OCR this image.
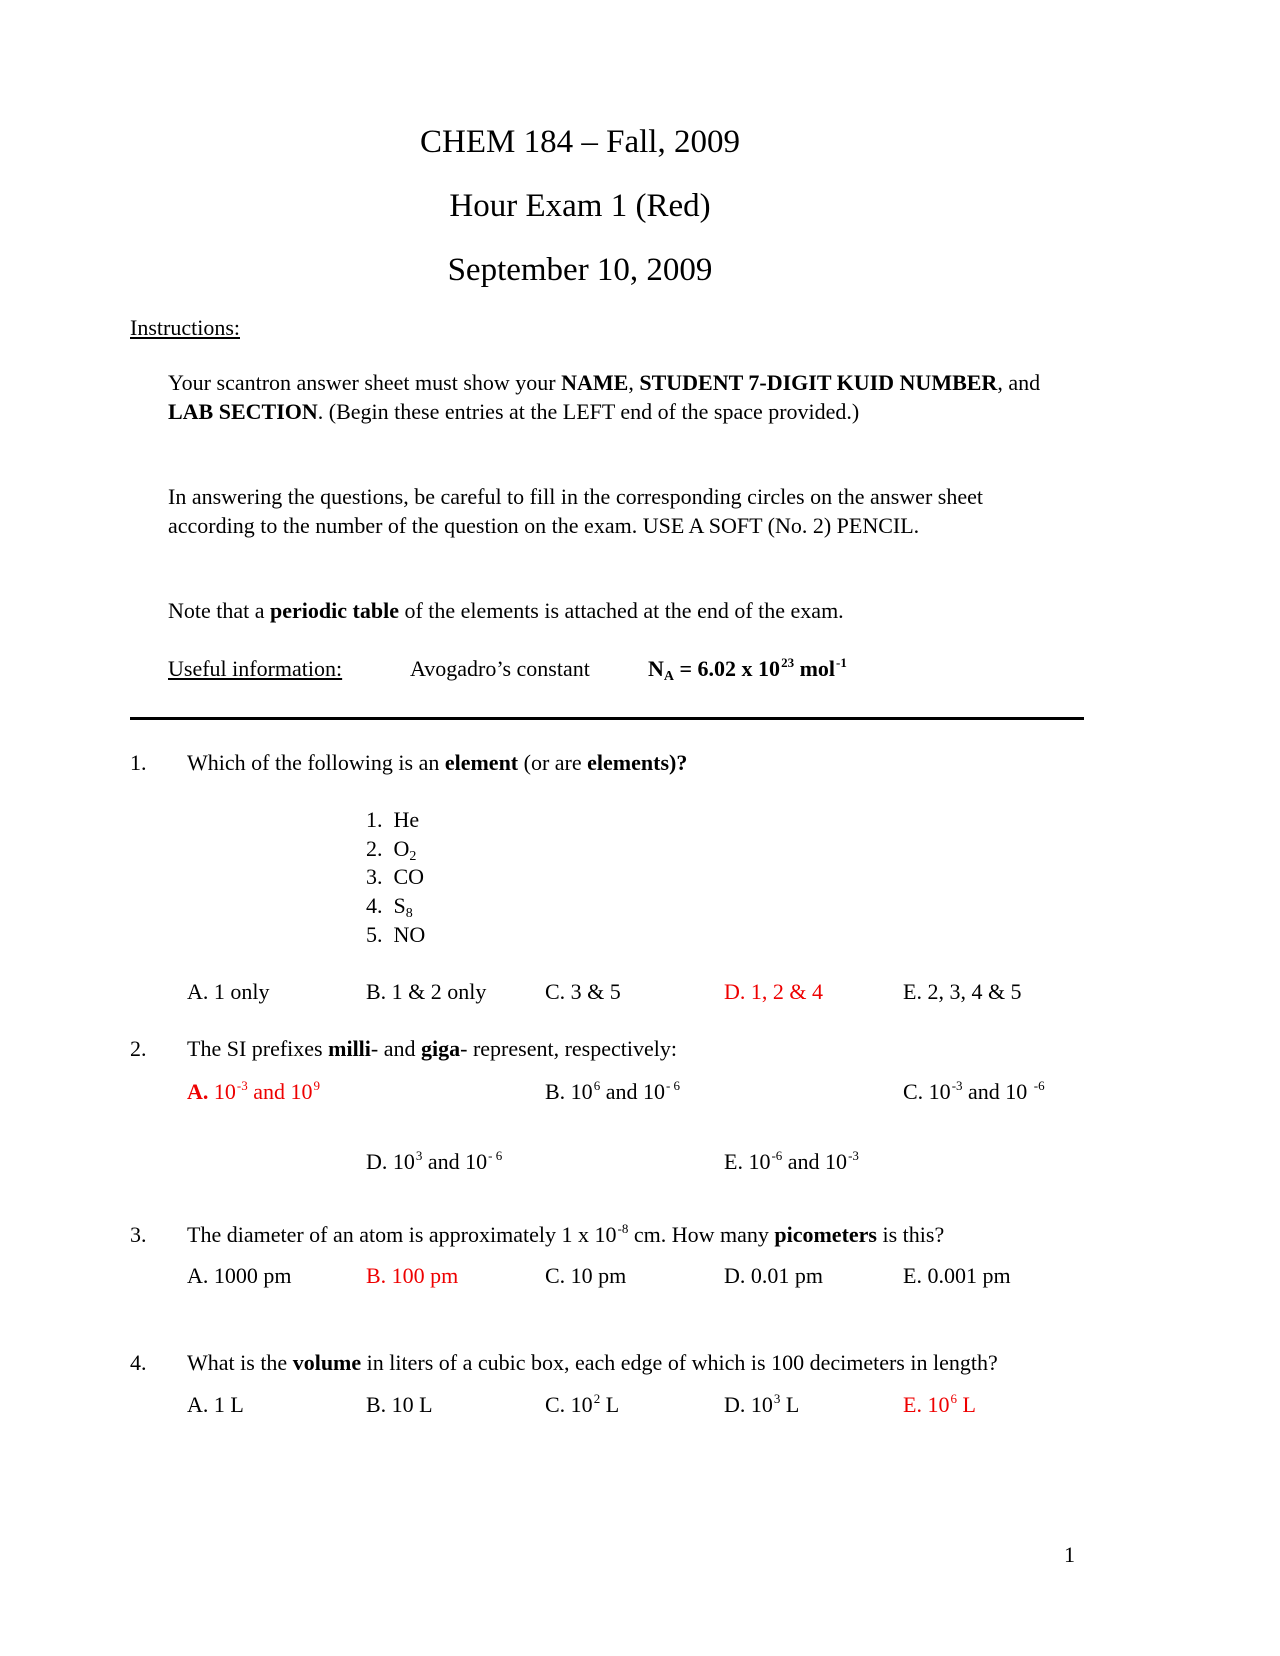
CHEM 184 – Fall, 2009
Hour Exam 1 (Red)
September 10, 2009
Instructions:
Your scantron answer sheet must show your NAME, STUDENT 7-DIGIT KUID NUMBER, and LAB SECTION. (Begin these entries at the LEFT end of the space provided.)
In answering the questions, be careful to fill in the corresponding circles on the answer sheet according to the number of the question on the exam. USE A SOFT (No. 2) PENCIL.
Note that a periodic table of the elements is attached at the end of the exam.
Useful information:	Avogadro’s constant	$N_A = 6.02$ x $10^{23}$ mol$^{-1}$
1. Which of the following is an element (or are elements)?
1. He
2. $O_2$
3. CO
4. $S_8$
5. NO
A. 1 only	B. 1 & 2 only	C. 3 & 5	D. 1, 2 & 4	E. 2, 3, 4 & 5
2. The SI prefixes milli- and giga- represent, respectively:
A. $10^{-3}$ and $10^9$	B. $10^6$ and $10^{- 6}$	C. $10^{-3}$ and 10 $^{-6}$
D. $10^3$ and $10^{- 6}$	E. $10^{-6}$ and $10^{-3}$
3. The diameter of an atom is approximately 1 x $10^{-8}$ cm. How many picometers is this?
A. 1000 pm	B. 100 pm	C. 10 pm	D. 0.01 pm	E. 0.001 pm
4. What is the volume in liters of a cubic box, each edge of which is 100 decimeters in length?
A. 1 L	B. 10 L	C. $10^2$ L	D. $10^3$ L	E. $10^6$ L
1
